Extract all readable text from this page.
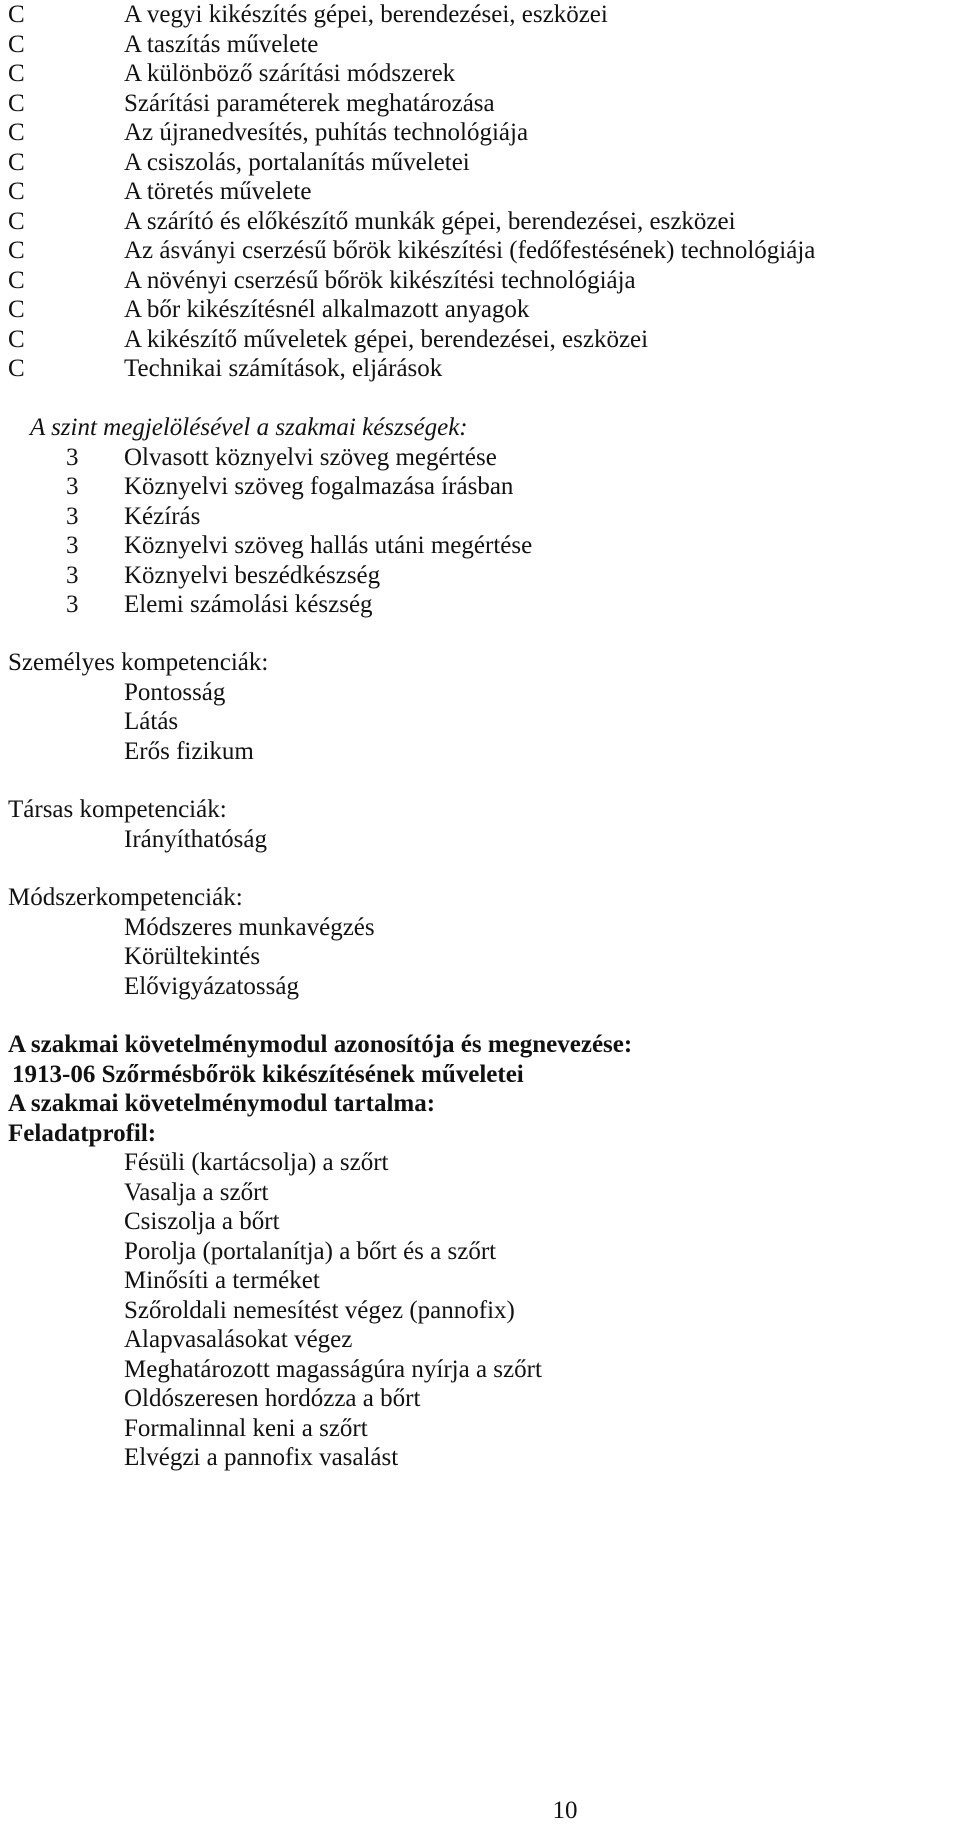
C	A vegyi kikészítés gépei, berendezései, eszközei
C	A taszítás művelete
C	A különböző szárítási módszerek
C	Szárítási paraméterek meghatározása
C	Az újranedvesítés, puhítás technológiája
C	A csiszolás, portalanítás műveletei
C	A töretés művelete
C	A szárító és előkészítő munkák gépei, berendezései, eszközei
C	Az ásványi cserzésű bőrök kikészítési (fedőfestésének) technológiája
C	A növényi cserzésű bőrök kikészítési technológiája
C	A bőr kikészítésnél alkalmazott anyagok
C	A kikészítő műveletek gépei, berendezései, eszközei
C	Technikai számítások, eljárások
A szint megjelölésével a szakmai készségek:
3 Olvasott köznyelvi szöveg megértése
3 Köznyelvi szöveg fogalmazása írásban
3 Kézírás
3 Köznyelvi szöveg hallás utáni megértése
3 Köznyelvi beszédkészség
3 Elemi számolási készség
Személyes kompetenciák:
Pontosság
Látás
Erős fizikum
Társas kompetenciák:
Irányíthatóság
Módszerkompetenciák:
Módszeres munkavégzés
Körültekintés
Elővigyázatosság
A szakmai követelménymodul azonosítója és megnevezése:
1913-06 Szőrmésbőrök kikészítésének műveletei
A szakmai követelménymodul tartalma:
Feladatprofil:
Fésüli (kartácsolja) a szőrt
Vasalja a szőrt
Csiszolja a bőrt
Porolja (portalanítja) a bőrt és a szőrt
Minősíti a terméket
Szőroldali nemesítést végez (pannofix)
Alapvasalásokat végez
Meghatározott magasságúra nyírja a szőrt
Oldószeresen hordózza a bőrt
Formalinnal keni a szőrt
Elvégzi a pannofix vasalást
10
